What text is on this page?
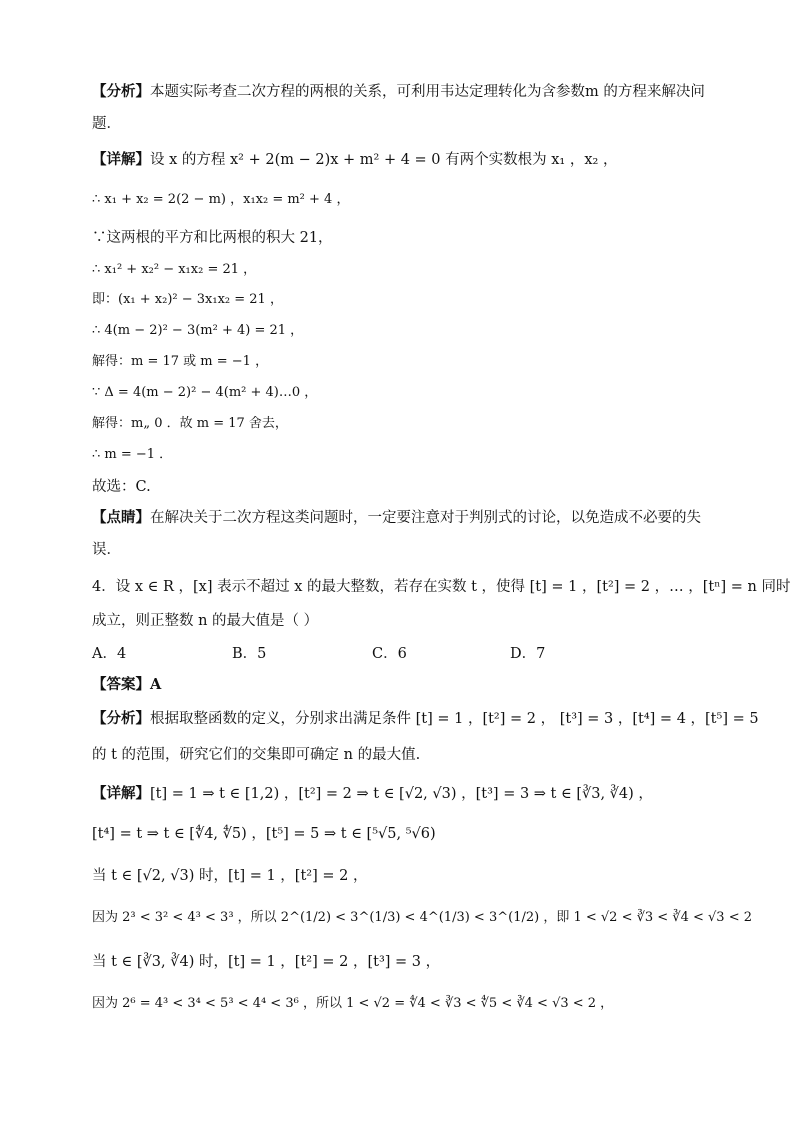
【分析】本题实际考查二次方程的两根的关系，可利用韦达定理转化为含参数m 的方程来解决问
题．
【详解】设 x 的方程 x² + 2(m − 2)x + m² + 4 = 0 有两个实数根为 x₁ ，x₂ ，
∴ x₁ + x₂ = 2(2 − m) ，x₁x₂ = m² + 4 ，
∵这两根的平方和比两根的积大 21，
∴ x₁² + x₂² − x₁x₂ = 21 ，
即：(x₁ + x₂)² − 3x₁x₂ = 21 ，
∴ 4(m − 2)² − 3(m² + 4) = 21 ，
解得：m = 17 或 m = −1 ，
∵ Δ = 4(m − 2)² − 4(m² + 4)…0 ，
解得：m„ 0 ．故 m = 17 舍去，
∴ m = −1 ．
故选：C.
【点睛】在解决关于二次方程这类问题时，一定要注意对于判别式的讨论，以免造成不必要的失
误．
4．设 x ∈ R ，[x] 表示不超过 x 的最大整数，若存在实数 t ，使得 [t] = 1 ，[t²] = 2 ，… ，[tⁿ] = n 同时
成立，则正整数 n 的最大值是（ ）
A．4	B．5	C．6	D．7
【答案】A
【分析】根据取整函数的定义，分别求出满足条件 [t] = 1 ，[t²] = 2 ， [t³] = 3 ，[t⁴] = 4 ，[t⁵] = 5
的 t 的范围，研究它们的交集即可确定 n 的最大值.
【详解】[t] = 1 ⇒ t ∈ [1,2) ，[t²] = 2 ⇒ t ∈ [√2, √3) ，[t³] = 3 ⇒ t ∈ [∛3, ∛4) ，
[t⁴] = t ⇒ t ∈ [∜4, ∜5) ，[t⁵] = 5 ⇒ t ∈ [⁵√5, ⁵√6)
当 t ∈ [√2, √3) 时，[t] = 1 ，[t²] = 2 ，
因为 2³ < 3² < 4³ < 3³ ，所以 2^(1/2) < 3^(1/3) < 4^(1/3) < 3^(1/2) ，即 1 < √2 < ∛3 < ∛4 < √3 < 2
当 t ∈ [∛3, ∛4) 时，[t] = 1 ，[t²] = 2 ，[t³] = 3 ，
因为 2⁶ = 4³ < 3⁴ < 5³ < 4⁴ < 3⁶ ，所以 1 < √2 = ∜4 < ∛3 < ∜5 < ∛4 < √3 < 2 ，
